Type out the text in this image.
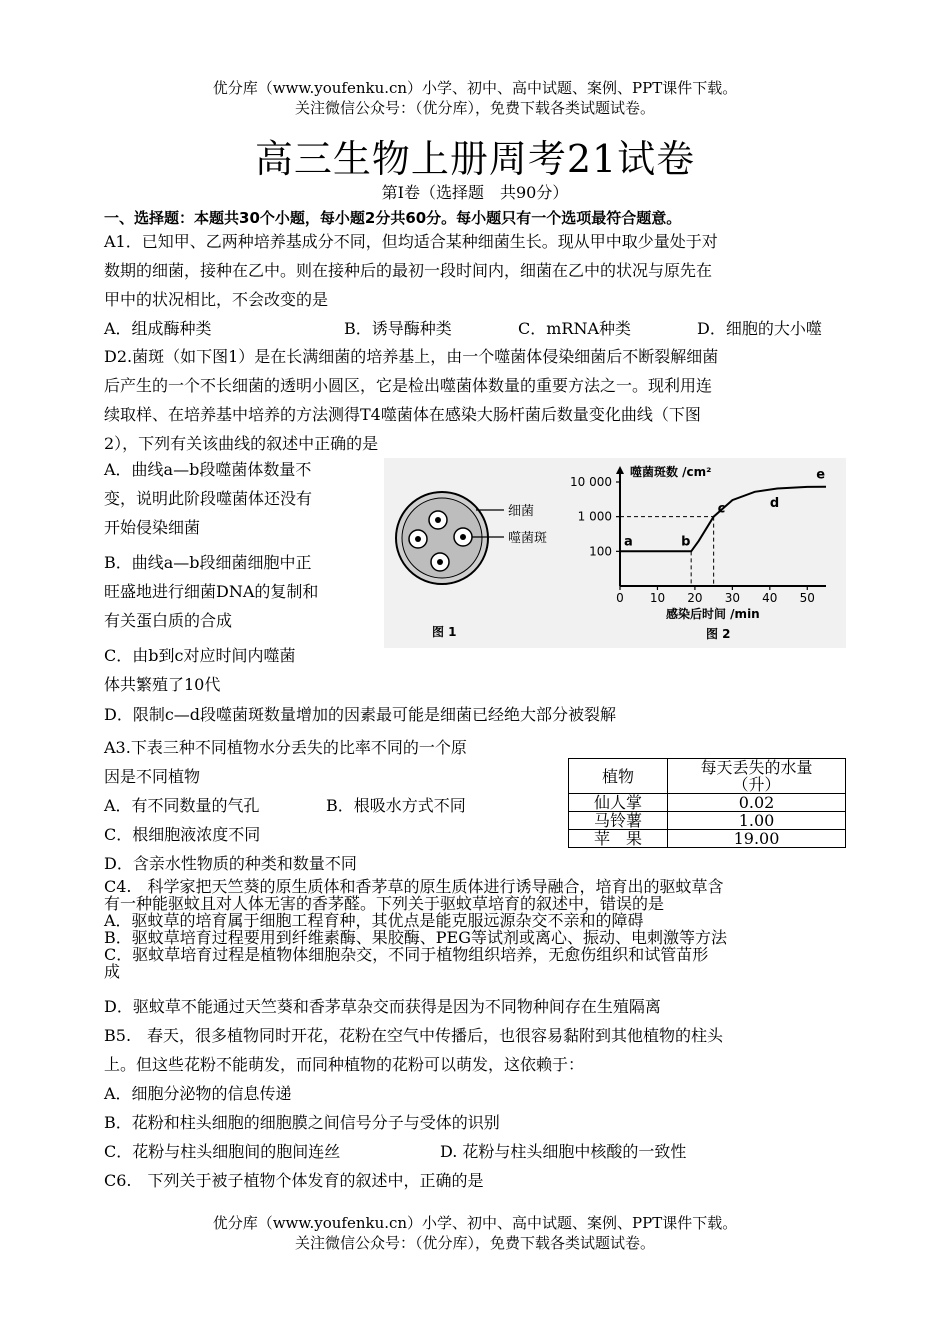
优分库（www.youfenku.cn）小学、初中、高中试题、案例、PPT课件下载。
关注微信公众号：（优分库），免费下载各类试题试卷。
高三生物上册周考21试卷
第Ⅰ卷（选择题　共90分）
一、选择题：本题共30个小题，每小题2分共60分。每小题只有一个选项最符合题意。
A1．已知甲、乙两种培养基成分不同，但均适合某种细菌生长。现从甲中取少量处于对
数期的细菌，接种在乙中。则在接种后的最初一段时间内，细菌在乙中的状况与原先在
甲中的状况相比，不会改变的是
A．组成酶种类	B．诱导酶种类	C．mRNA种类	D．细胞的大小噬
D2.菌斑（如下图1）是在长满细菌的培养基上，由一个噬菌体侵染细菌后不断裂解细菌
后产生的一个不长细菌的透明小圆区，它是检出噬菌体数量的重要方法之一。现利用连
续取样、在培养基中培养的方法测得T4噬菌体在感染大肠杆菌后数量变化曲线（下图
2），下列有关该曲线的叙述中正确的是
A．曲线a—b段噬菌体数量不
变，说明此阶段噬菌体还没有
开始侵染细菌
B．曲线a—b段细菌细胞中正
旺盛地进行细菌DNA的复制和
有关蛋白质的合成
C．由b到c对应时间内噬菌
体共繁殖了10代
D．限制c—d段噬菌斑数量增加的因素最可能是细菌已经绝大部分被裂解
细菌
噬菌斑
图 1
0 10 20 30 40 50
10 000
1 000
100
a	b
c	d
e
噬菌斑数 /cm²
感染后时间 /min
图 2
A3.下表三种不同植物水分丢失的比率不同的一个原
因是不同植物
A．有不同数量的气孔	B．根吸水方式不同
C．根细胞液浓度不同
D．含亲水性物质的种类和数量不同
植物	每天丢失的水量
（升）

仙人掌	0.02
马铃薯	1.00
苹　果	19.00
C4.　科学家把天竺葵的原生质体和香茅草的原生质体进行诱导融合，培育出的驱蚊草含
有一种能驱蚊且对人体无害的香茅醛。下列关于驱蚊草培育的叙述中，错误的是
A．驱蚊草的培育属于细胞工程育种，其优点是能克服远源杂交不亲和的障碍
B．驱蚊草培育过程要用到纤维素酶、果胶酶、PEG等试剂或离心、振动、电刺激等方法
C．驱蚊草培育过程是植物体细胞杂交，不同于植物组织培养，无愈伤组织和试管苗形
成
D．驱蚊草不能通过天竺葵和香茅草杂交而获得是因为不同物种间存在生殖隔离
B5.　春天，很多植物同时开花，花粉在空气中传播后，也很容易黏附到其他植物的柱头
上。但这些花粉不能萌发，而同种植物的花粉可以萌发，这依赖于：
A．细胞分泌物的信息传递
B．花粉和柱头细胞的细胞膜之间信号分子与受体的识别
C．花粉与柱头细胞间的胞间连丝	D. 花粉与柱头细胞中核酸的一致性
C6.　下列关于被子植物个体发育的叙述中，正确的是
优分库（www.youfenku.cn）小学、初中、高中试题、案例、PPT课件下载。
关注微信公众号：（优分库），免费下载各类试题试卷。
